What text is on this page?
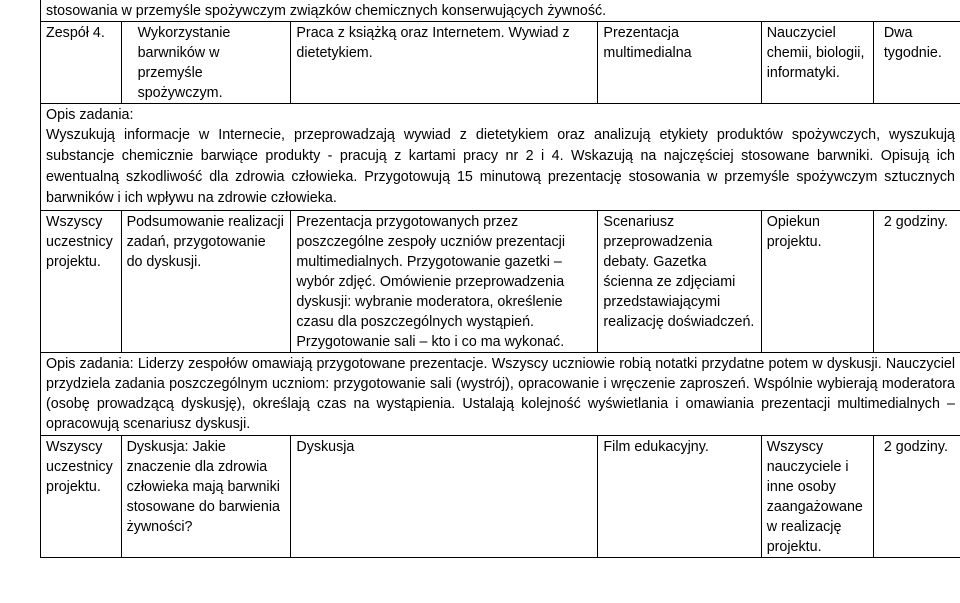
stosowania w przemyśle spożywczym związków chemicznych konserwujących żywność.					
Zespół 4.	Wykorzystanie barwników w przemyśle spożywczym.	Praca z książką oraz Internetem. Wywiad z dietetykiem.	Prezentacja multimedialna	Nauczyciel chemii, biologii, informatyki.	Dwa tygodnie.

Opis zadania:
Wyszukują informacje w Internecie, przeprowadzają wywiad z dietetykiem oraz analizują etykiety produktów spożywczych, wyszukują substancje chemicznie barwiące produkty - pracują z kartami pracy nr 2 i 4. Wskazują na najczęściej stosowane barwniki. Opisują ich ewentualną szkodliwość dla zdrowia człowieka. Przygotowują 15 minutową prezentację stosowania w przemyśle spożywczym sztucznych barwników i ich wpływu na zdrowie człowieka.					

Wszyscy uczestnicy projektu.	Podsumowanie realizacji zadań, przygotowanie do dyskusji.	Prezentacja przygotowanych przez poszczególne zespoły uczniów prezentacji multimedialnych. Przygotowanie gazetki – wybór zdjęć. Omówienie przeprowadzenia dyskusji: wybranie moderatora, określenie czasu dla poszczególnych wystąpień. Przygotowanie sali – kto i co ma wykonać.	Scenariusz przeprowadzenia debaty. Gazetka ścienna ze zdjęciami przedstawiającymi realizację doświadczeń.	Opiekun projektu.	2 godziny.

Opis zadania: Liderzy zespołów omawiają przygotowane prezentacje. Wszyscy uczniowie robią notatki przydatne potem w dyskusji. Nauczyciel przydziela zadania poszczególnym uczniom: przygotowanie sali (wystrój), opracowanie i wręczenie zaproszeń. Wspólnie wybierają moderatora (osobę prowadzącą dyskusję), określają czas na wystąpienia. Ustalają kolejność wyświetlania i omawiania prezentacji multimedialnych – opracowują scenariusz dyskusji.					

Wszyscy uczestnicy projektu.	Dyskusja: Jakie znaczenie dla zdrowia człowieka mają barwniki stosowane do barwienia żywności?	Dyskusja	Film edukacyjny.	Wszyscy nauczyciele i inne osoby zaangażowane w realizację projektu.	2 godziny.
